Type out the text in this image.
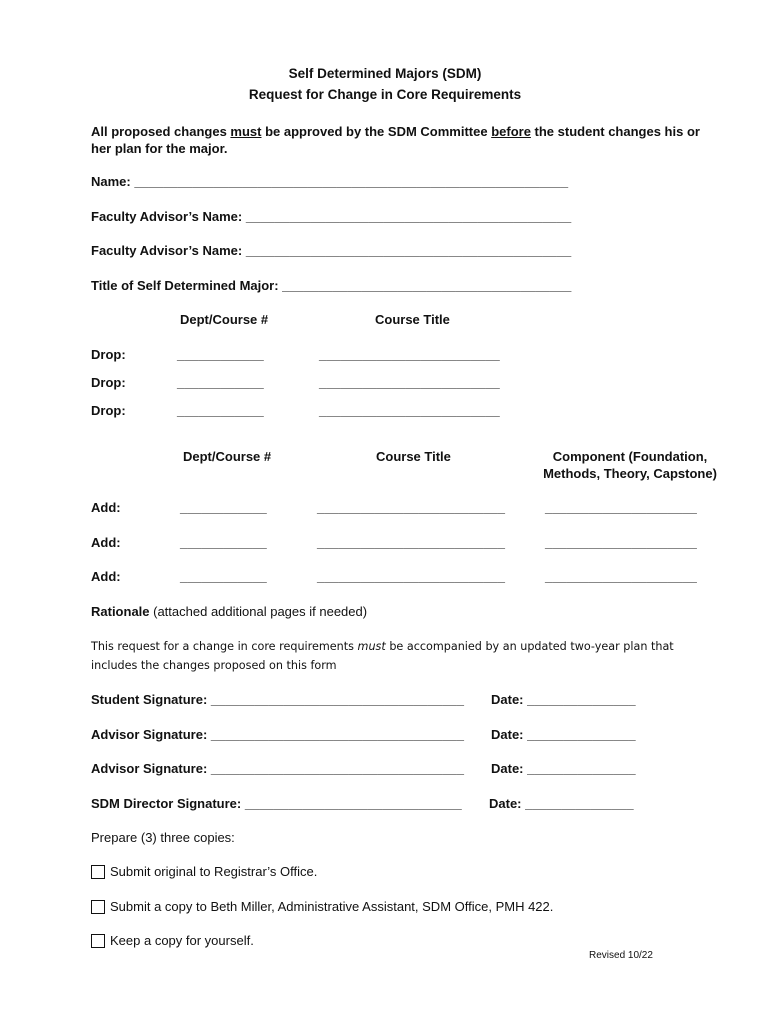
Self Determined Majors (SDM)
Request for Change in Core Requirements
All proposed changes must be approved by the SDM Committee before the student changes his or her plan for the major.
Name: ____________________________________________________________
Faculty Advisor’s Name: _____________________________________________
Faculty Advisor’s Name: _____________________________________________
Title of Self Determined Major: ________________________________________
Dept/Course #	Course Title
Drop:	____________	_________________________
Drop:	____________	_________________________
Drop:	____________	_________________________
Dept/Course #	Course Title	Component (Foundation,
Methods, Theory, Capstone)
Add:	____________	__________________________	_____________________
Add:	____________	__________________________	_____________________
Add:	____________	__________________________	_____________________
Rationale (attached additional pages if needed)
This request for a change in core requirements must be accompanied by an updated two-year plan that includes the changes proposed on this form
Student Signature: ___________________________________ Date: _______________
Advisor Signature: ___________________________________ Date: _______________
Advisor Signature: ___________________________________ Date: _______________
SDM Director Signature: ______________________________ Date: _______________
Prepare (3) three copies:
Submit original to Registrar’s Office.
Submit a copy to Beth Miller, Administrative Assistant, SDM Office, PMH 422.
Keep a copy for yourself.
Revised 10/22
